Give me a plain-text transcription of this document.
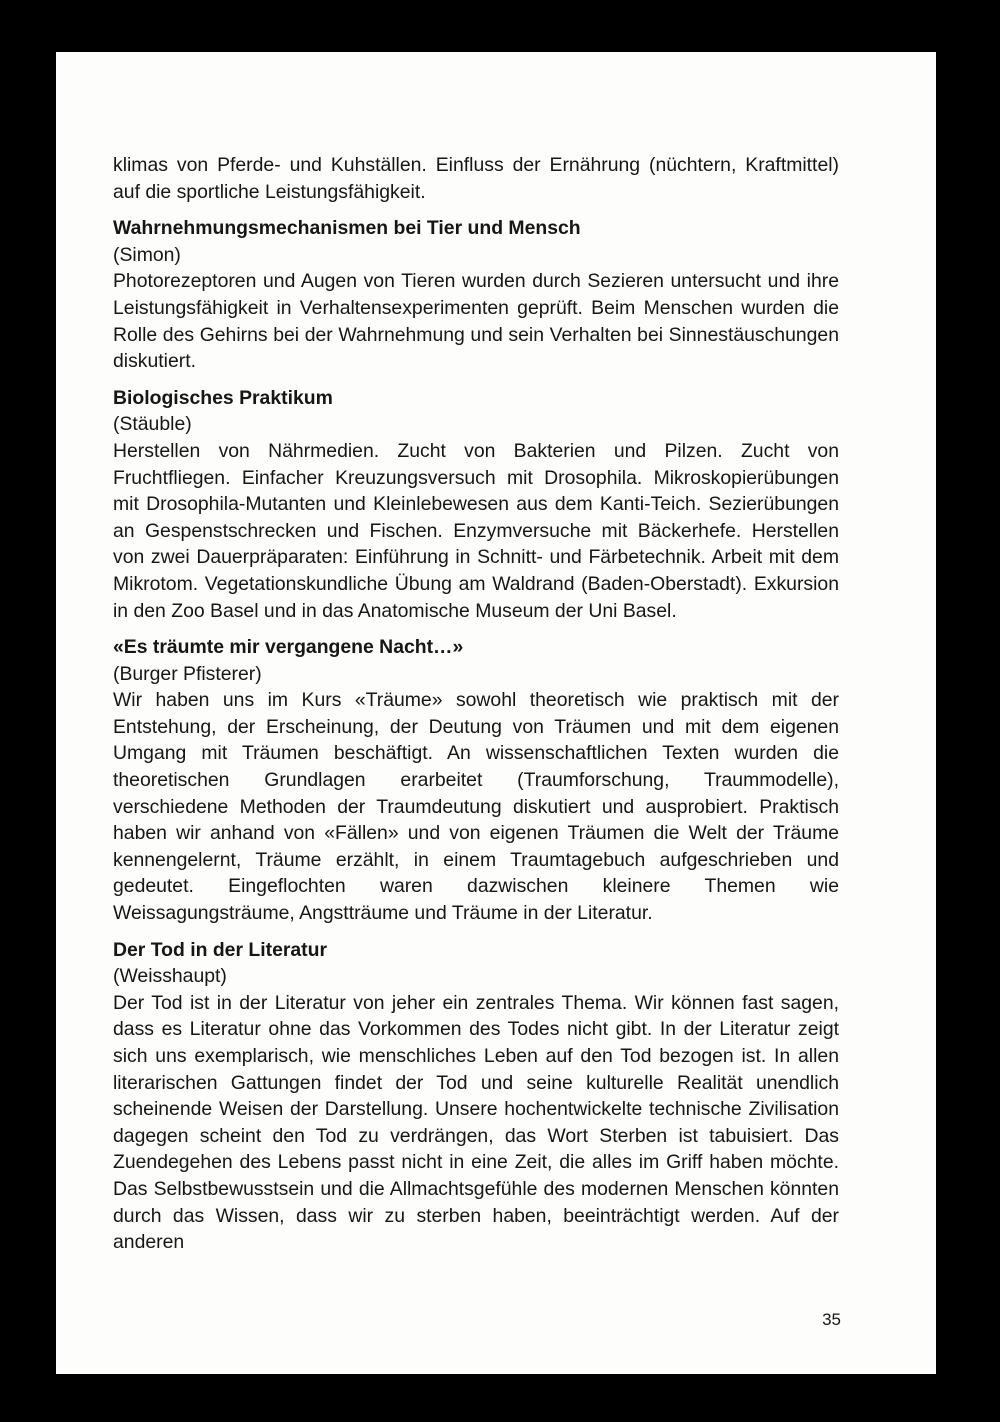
klimas von Pferde- und Kuhställen. Einfluss der Ernährung (nüchtern, Kraftmittel) auf die sportliche Leistungsfähigkeit.

Wahrnehmungsmechanismen bei Tier und Mensch

(Simon)

Photorezeptoren und Augen von Tieren wurden durch Sezieren untersucht und ihre Leistungsfähigkeit in Verhaltensexperimenten geprüft. Beim Menschen wurden die Rolle des Gehirns bei der Wahrnehmung und sein Verhalten bei Sinnestäuschungen diskutiert.

Biologisches Praktikum

(Stäuble)

Herstellen von Nährmedien. Zucht von Bakterien und Pilzen. Zucht von Fruchtfliegen. Einfacher Kreuzungsversuch mit Drosophila. Mikroskopierübungen mit Drosophila-Mutanten und Kleinlebewesen aus dem Kanti-Teich. Sezierübungen an Gespenstschrecken und Fischen. Enzymversuche mit Bäckerhefe. Herstellen von zwei Dauerpräparaten: Einführung in Schnitt- und Färbetechnik. Arbeit mit dem Mikrotom. Vegetationskundliche Übung am Waldrand (Baden-Oberstadt). Exkursion in den Zoo Basel und in das Anatomische Museum der Uni Basel.

«Es träumte mir vergangene Nacht…»

(Burger Pfisterer)

Wir haben uns im Kurs «Träume» sowohl theoretisch wie praktisch mit der Entstehung, der Erscheinung, der Deutung von Träumen und mit dem eigenen Umgang mit Träumen beschäftigt. An wissenschaftlichen Texten wurden die theoretischen Grundlagen erarbeitet (Traumforschung, Traummodelle), verschiedene Methoden der Traumdeutung diskutiert und ausprobiert. Praktisch haben wir anhand von «Fällen» und von eigenen Träumen die Welt der Träume kennengelernt, Träume erzählt, in einem Traumtagebuch aufgeschrieben und gedeutet. Eingeflochten waren dazwischen kleinere Themen wie Weissagungsträume, Angstträume und Träume in der Literatur.

Der Tod in der Literatur

(Weisshaupt)

Der Tod ist in der Literatur von jeher ein zentrales Thema. Wir können fast sagen, dass es Literatur ohne das Vorkommen des Todes nicht gibt. In der Literatur zeigt sich uns exemplarisch, wie menschliches Leben auf den Tod bezogen ist. In allen literarischen Gattungen findet der Tod und seine kulturelle Realität unendlich scheinende Weisen der Darstellung. Unsere hochentwickelte technische Zivilisation dagegen scheint den Tod zu verdrängen, das Wort Sterben ist tabuisiert. Das Zuendegehen des Lebens passt nicht in eine Zeit, die alles im Griff haben möchte. Das Selbstbewusstsein und die Allmachtsgefühle des modernen Menschen könnten durch das Wissen, dass wir zu sterben haben, beeinträchtigt werden. Auf der anderen

35
